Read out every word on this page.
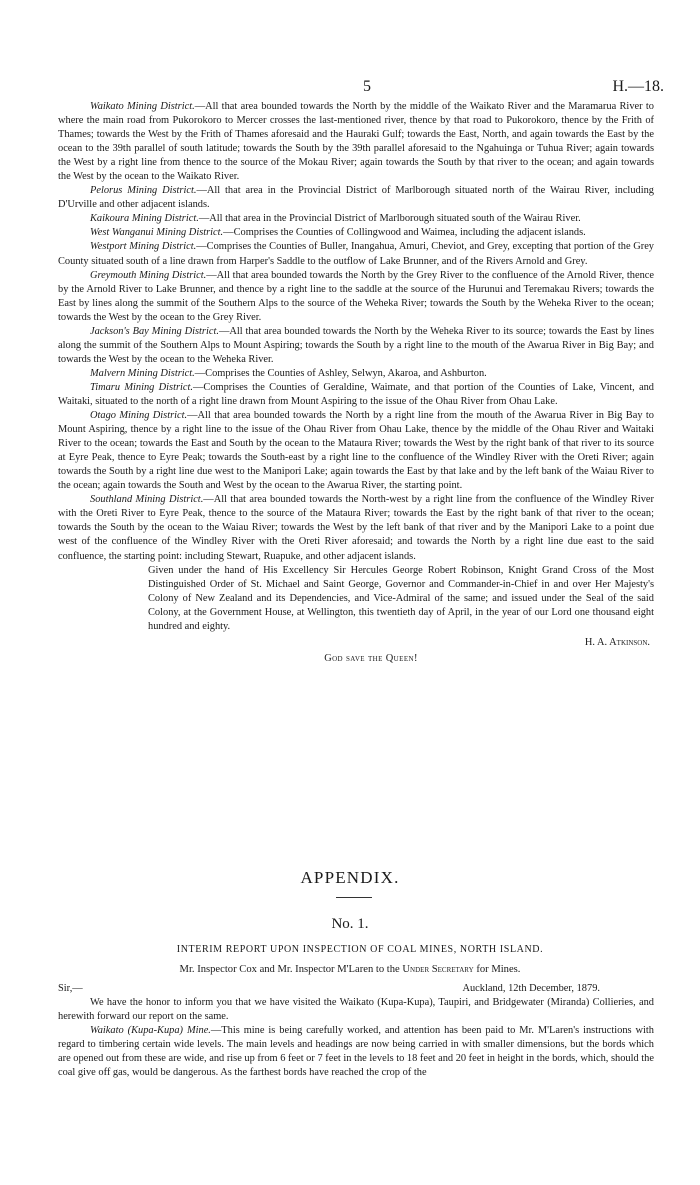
5	H.—18.

Waikato Mining District.—All that area bounded towards the North by the middle of the Waikato River and the Maramarua River to where the main road from Pukorokoro to Mercer crosses the last-mentioned river, thence by that road to Pukorokoro, thence by the Frith of Thames; towards the West by the Frith of Thames aforesaid and the Hauraki Gulf; towards the East, North, and again towards the East by the ocean to the 39th parallel of south latitude; towards the South by the 39th parallel aforesaid to the Ngahuinga or Tuhua River; again towards the West by a right line from thence to the source of the Mokau River; again towards the South by that river to the ocean; and again towards the West by the ocean to the Waikato River.

Pelorus Mining District.—All that area in the Provincial District of Marlborough situated north of the Wairau River, including D'Urville and other adjacent islands.

Kaikoura Mining District.—All that area in the Provincial District of Marlborough situated south of the Wairau River.

West Wanganui Mining District.—Comprises the Counties of Collingwood and Waimea, including the adjacent islands.

Westport Mining District.—Comprises the Counties of Buller, Inangahua, Amuri, Cheviot, and Grey, excepting that portion of the Grey County situated south of a line drawn from Harper's Saddle to the outflow of Lake Brunner, and of the Rivers Arnold and Grey.

Greymouth Mining District.—All that area bounded towards the North by the Grey River to the confluence of the Arnold River, thence by the Arnold River to Lake Brunner, and thence by a right line to the saddle at the source of the Hurunui and Teremakau Rivers; towards the East by lines along the summit of the Southern Alps to the source of the Weheka River; towards the South by the Weheka River to the ocean; towards the West by the ocean to the Grey River.

Jackson's Bay Mining District.—All that area bounded towards the North by the Weheka River to its source; towards the East by lines along the summit of the Southern Alps to Mount Aspiring; towards the South by a right line to the mouth of the Awarua River in Big Bay; and towards the West by the ocean to the Weheka River.

Malvern Mining District.—Comprises the Counties of Ashley, Selwyn, Akaroa, and Ashburton.

Timaru Mining District.—Comprises the Counties of Geraldine, Waimate, and that portion of the Counties of Lake, Vincent, and Waitaki, situated to the north of a right line drawn from Mount Aspiring to the issue of the Ohau River from Ohau Lake.

Otago Mining District.—All that area bounded towards the North by a right line from the mouth of the Awarua River in Big Bay to Mount Aspiring, thence by a right line to the issue of the Ohau River from Ohau Lake, thence by the middle of the Ohau River and Waitaki River to the ocean; towards the East and South by the ocean to the Mataura River; towards the West by the right bank of that river to its source at Eyre Peak, thence to Eyre Peak; towards the South-east by a right line to the confluence of the Windley River with the Oreti River; again towards the South by a right line due west to the Manipori Lake; again towards the East by that lake and by the left bank of the Waiau River to the ocean; again towards the South and West by the ocean to the Awarua River, the starting point.

Southland Mining District.—All that area bounded towards the North-west by a right line from the confluence of the Windley River with the Oreti River to Eyre Peak, thence to the source of the Mataura River; towards the East by the right bank of that river to the ocean; towards the South by the ocean to the Waiau River; towards the West by the left bank of that river and by the Manipori Lake to a point due west of the confluence of the Windley River with the Oreti River aforesaid; and towards the North by a right line due east to the said confluence, the starting point: including Stewart, Ruapuke, and other adjacent islands.

Given under the hand of His Excellency Sir Hercules George Robert Robinson, Knight Grand Cross of the Most Distinguished Order of St. Michael and Saint George, Governor and Commander-in-Chief in and over Her Majesty's Colony of New Zealand and its Dependencies, and Vice-Admiral of the same; and issued under the Seal of the said Colony, at the Government House, at Wellington, this twentieth day of April, in the year of our Lord one thousand eight hundred and eighty.

H. A. Atkinson.

God save the Queen!

APPENDIX.
No. 1.
INTERIM REPORT UPON INSPECTION OF COAL MINES, NORTH ISLAND.
Mr. Inspector Cox and Mr. Inspector M'Laren to the Under Secretary for Mines.
Sir,—	Auckland, 12th December, 1879.

We have the honor to inform you that we have visited the Waikato (Kupa-Kupa), Taupiri, and Bridgewater (Miranda) Collieries, and herewith forward our report on the same.

Waikato (Kupa-Kupa) Mine.—This mine is being carefully worked, and attention has been paid to Mr. M'Laren's instructions with regard to timbering certain wide levels. The main levels and headings are now being carried in with smaller dimensions, but the bords which are opened out from these are wide, and rise up from 6 feet or 7 feet in the levels to 18 feet and 20 feet in height in the bords, which, should the coal give off gas, would be dangerous. As the farthest bords have reached the crop of the
